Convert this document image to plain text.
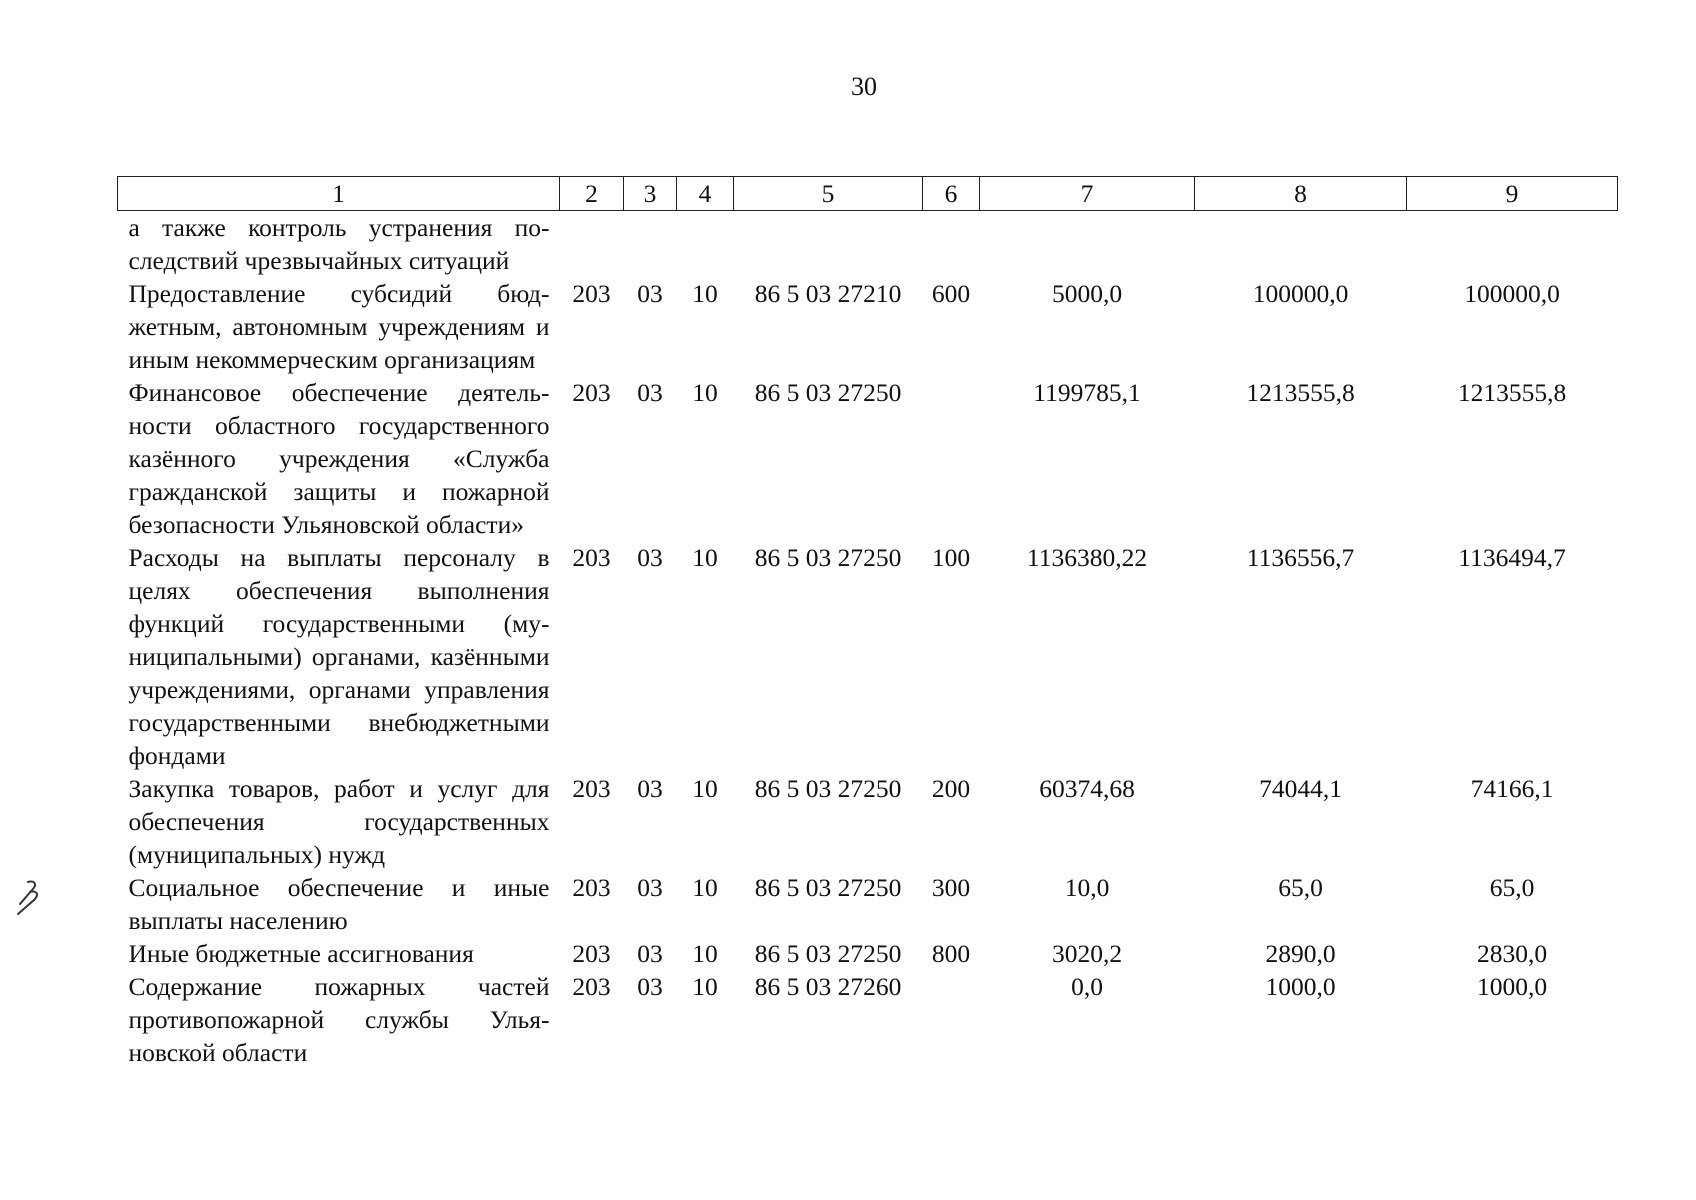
30
1	2	3	4	5	6	7	8	9
а также контроль устранения последствий чрезвычайных ситуаций								
Предоставление субсидий бюджетным, автономным учреждениям и иным некоммерческим организациям	203	03	10	86 5 03 27210	600	5000,0	100000,0	100000,0
Финансовое обеспечение деятельности областного государственного казённого учреждения «Служба гражданской защиты и пожарной безопасности Ульяновской области»	203	03	10	86 5 03 27250		1199785,1	1213555,8	1213555,8
Расходы на выплаты персоналу в целях обеспечения выполнения функций государственными (муниципальными) органами, казёнными учреждениями, органами управления государственными внебюджетными фондами	203	03	10	86 5 03 27250	100	1136380,22	1136556,7	1136494,7
Закупка товаров, работ и услуг для обеспечения государственных (муниципальных) нужд	203	03	10	86 5 03 27250	200	60374,68	74044,1	74166,1
Социальное обеспечение и иные выплаты населению	203	03	10	86 5 03 27250	300	10,0	65,0	65,0
Иные бюджетные ассигнования	203	03	10	86 5 03 27250	800	3020,2	2890,0	2830,0
Содержание пожарных частей противопожарной службы Ульяновской области	203	03	10	86 5 03 27260		0,0	1000,0	1000,0
